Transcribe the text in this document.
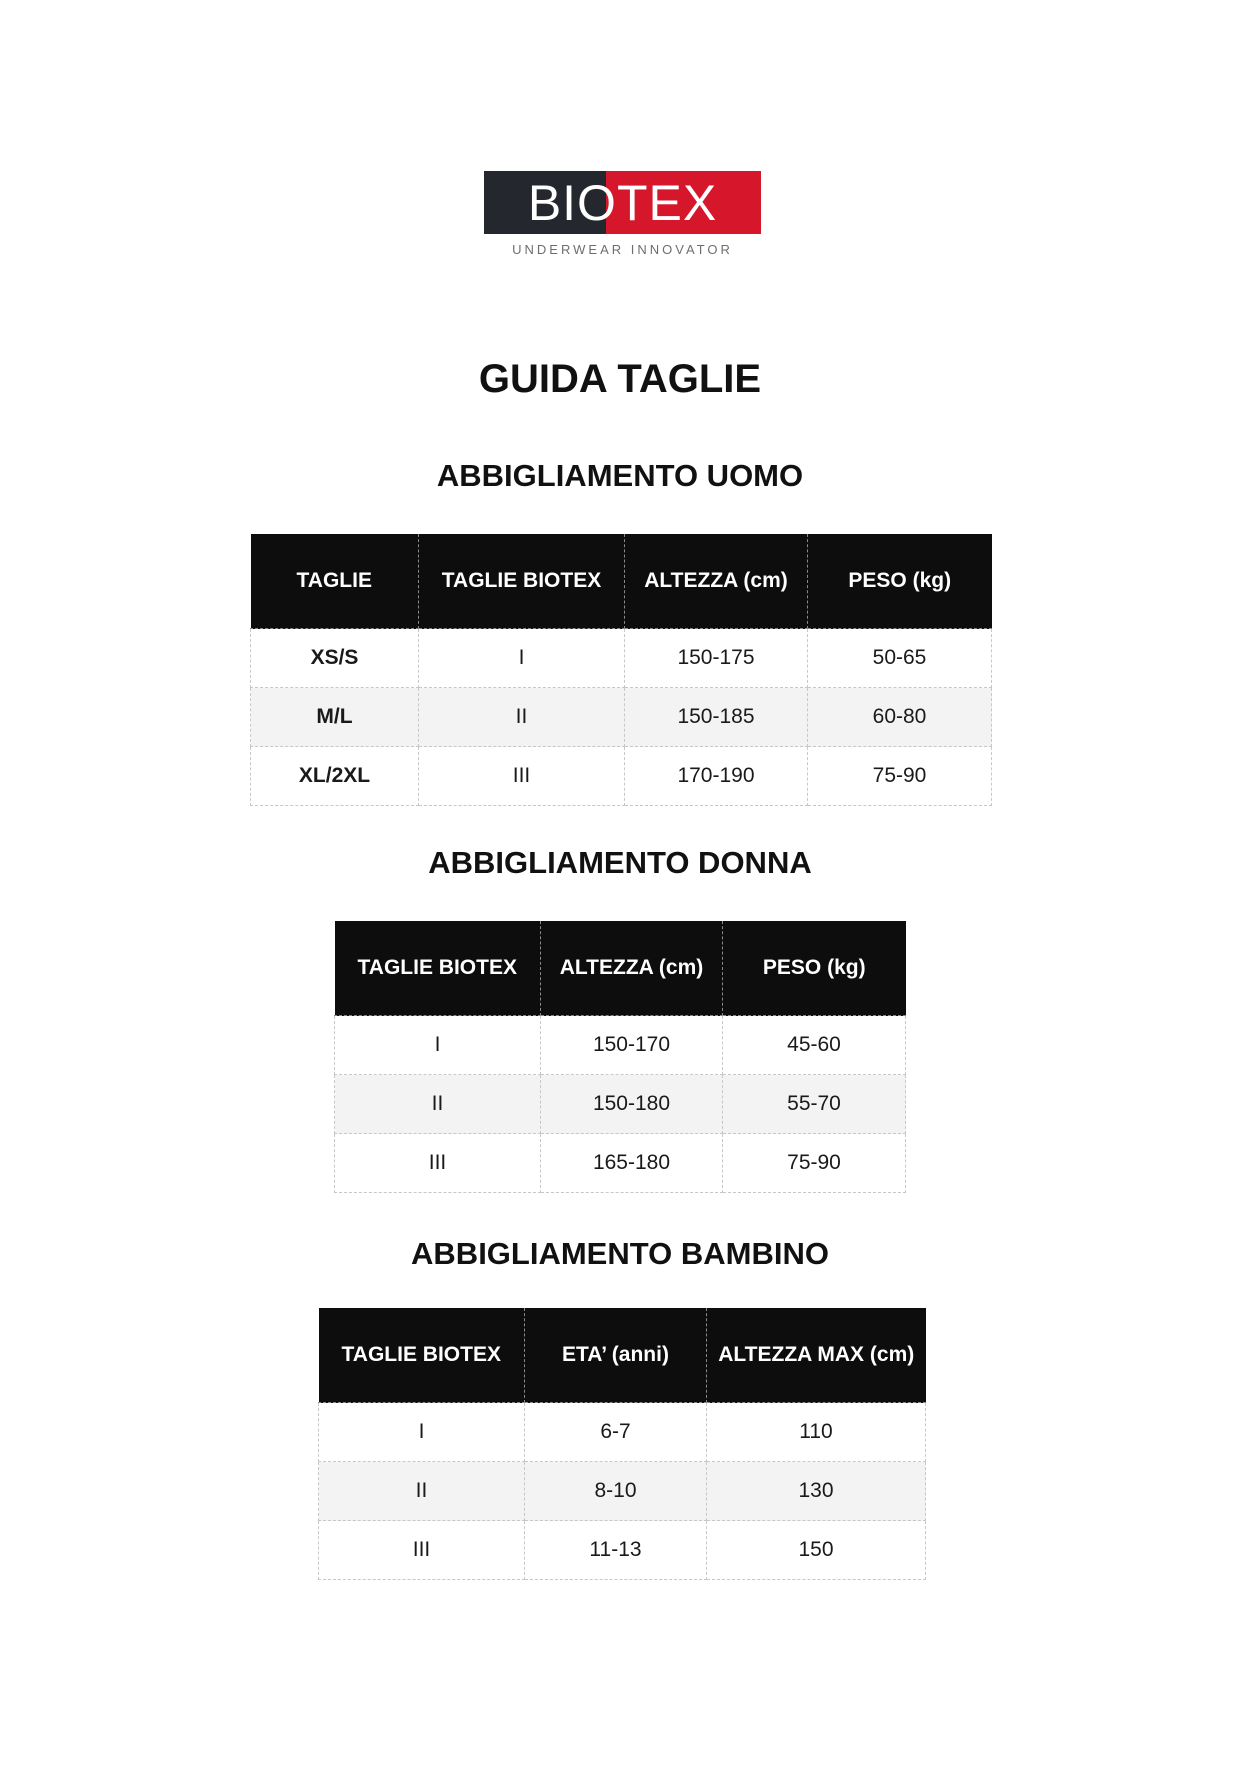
BIOTEX
UNDERWEAR INNOVATOR
GUIDA TAGLIE
ABBIGLIAMENTO UOMO
TAGLIE	TAGLIE BIOTEX	ALTEZZA (cm)	PESO (kg)
XS/S	I	150-175	50-65
M/L	II	150-185	60-80
XL/2XL	III	170-190	75-90
ABBIGLIAMENTO DONNA
TAGLIE BIOTEX	ALTEZZA (cm)	PESO (kg)
I	150-170	45-60
II	150-180	55-70
III	165-180	75-90
ABBIGLIAMENTO BAMBINO
TAGLIE BIOTEX	ETA’ (anni)	ALTEZZA MAX (cm)
I	6-7	110
II	8-10	130
III	11-13	150
